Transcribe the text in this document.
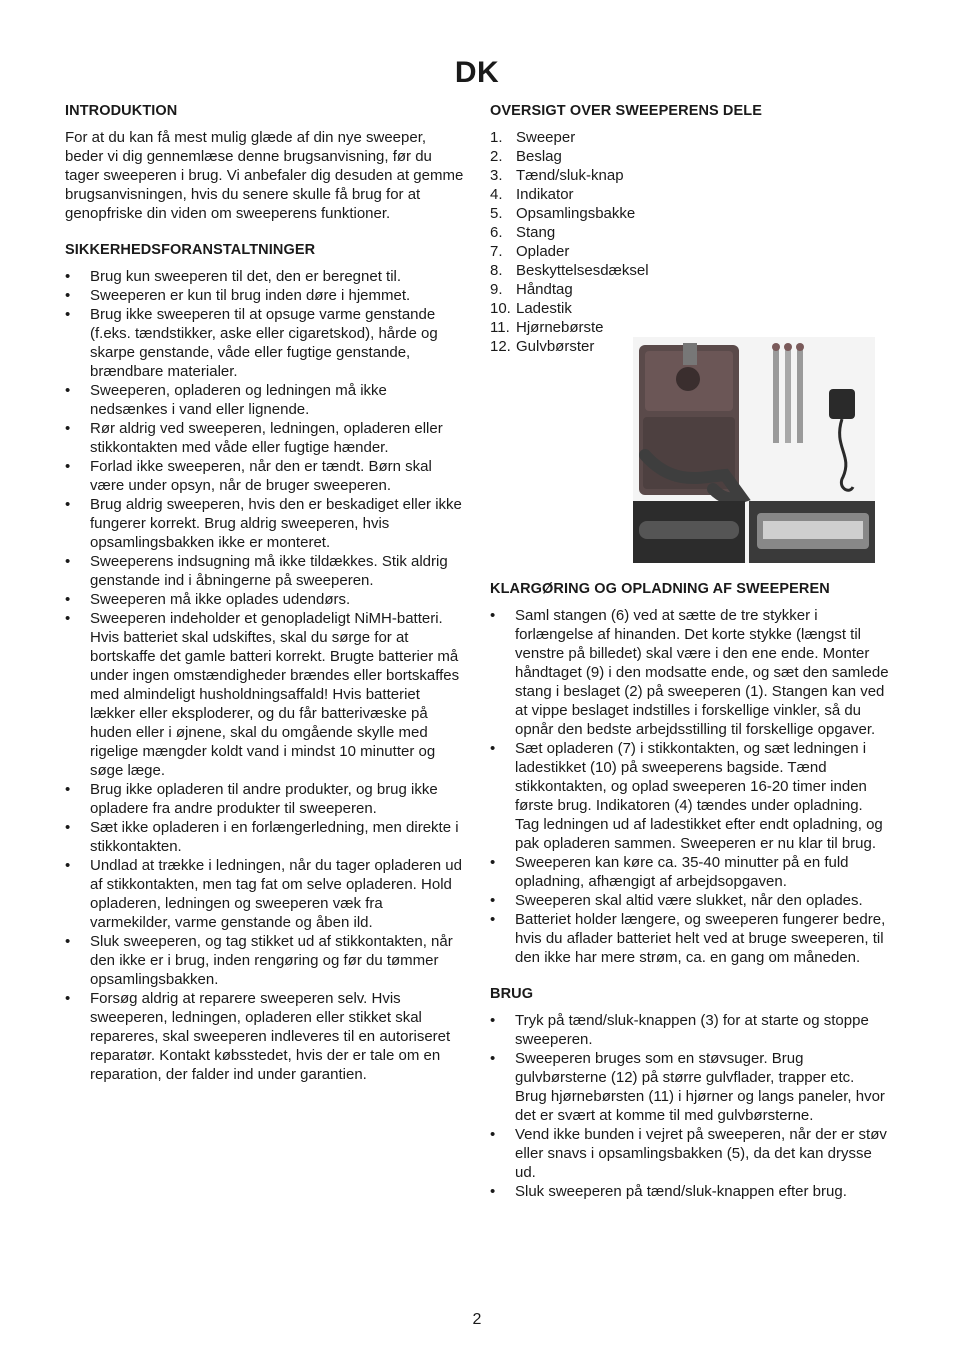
DK
INTRODUKTION

For at du kan få mest mulig glæde af din nye sweeper, beder vi dig gennemlæse denne brugsanvisning, før du tager sweeperen i brug. Vi anbefaler dig desuden at gemme brugsanvisningen, hvis du senere skulle få brug for at genopfriske din viden om sweeperens funktioner.

SIKKERHEDSFORANSTALTNINGER
• Brug kun sweeperen til det, den er beregnet til.
• Sweeperen er kun til brug inden døre i hjemmet.
• Brug ikke sweeperen til at opsuge varme genstande (f.eks. tændstikker, aske eller cigaretskod), hårde og skarpe genstande, våde eller fugtige genstande, brændbare materialer.
• Sweeperen, opladeren og ledningen må ikke nedsænkes i vand eller lignende.
• Rør aldrig ved sweeperen, ledningen, opladeren eller stikkontakten med våde eller fugtige hænder.
• Forlad ikke sweeperen, når den er tændt. Børn skal være under opsyn, når de bruger sweeperen.
• Brug aldrig sweeperen, hvis den er beskadiget eller ikke fungerer korrekt. Brug aldrig sweeperen, hvis opsamlingsbakken ikke er monteret.
• Sweeperens indsugning må ikke tildækkes. Stik aldrig genstande ind i åbningerne på sweeperen.
• Sweeperen må ikke oplades udendørs.
• Sweeperen indeholder et genopladeligt NiMH-batteri. Hvis batteriet skal udskiftes, skal du sørge for at bortskaffe det gamle batteri korrekt. Brugte batterier må under ingen omstændigheder brændes eller bortskaffes med almindeligt husholdningsaffald! Hvis batteriet lækker eller eksploderer, og du får batterivæske på huden eller i øjnene, skal du omgående skylle med rigelige mængder koldt vand i mindst 10 minutter og søge læge.
• Brug ikke opladeren til andre produkter, og brug ikke opladere fra andre produkter til sweeperen.
• Sæt ikke opladeren i en forlængerledning, men direkte i stikkontakten.
• Undlad at trække i ledningen, når du tager opladeren ud af stikkontakten, men tag fat om selve opladeren. Hold opladeren, ledningen og sweeperen væk fra varmekilder, varme genstande og åben ild.
• Sluk sweeperen, og tag stikket ud af stikkontakten, når den ikke er i brug, inden rengøring og før du tømmer opsamlingsbakken.
• Forsøg aldrig at reparere sweeperen selv. Hvis sweeperen, ledningen, opladeren eller stikket skal repareres, skal sweeperen indleveres til en autoriseret reparatør. Kontakt købsstedet, hvis der er tale om en reparation, der falder ind under garantien.
OVERSIGT OVER SWEEPERENS DELE
1. Sweeper
2. Beslag
3. Tænd/sluk-knap
4. Indikator
5. Opsamlingsbakke
6. Stang
7. Oplader
8. Beskyttelsesdæksel
9. Håndtag
10. Ladestik
11. Hjørnebørste
12. Gulvbørster
KLARGØRING OG OPLADNING AF SWEEPEREN
• Saml stangen (6) ved at sætte de tre stykker i forlængelse af hinanden. Det korte stykke (længst til venstre på billedet) skal være i den ene ende. Monter håndtaget (9) i den modsatte ende, og sæt den samlede stang i beslaget (2) på sweeperen (1). Stangen kan ved at vippe beslaget indstilles i forskellige vinkler, så du opnår den bedste arbejdsstilling til forskellige opgaver.
• Sæt opladeren (7) i stikkontakten, og sæt ledningen i ladestikket (10) på sweeperens bagside. Tænd stikkontakten, og oplad sweeperen 16-20 timer inden første brug. Indikatoren (4) tændes under opladning. Tag ledningen ud af ladestikket efter endt opladning, og pak opladeren sammen. Sweeperen er nu klar til brug.
• Sweeperen kan køre ca. 35-40 minutter på en fuld opladning, afhængigt af arbejdsopgaven.
• Sweeperen skal altid være slukket, når den oplades.
• Batteriet holder længere, og sweeperen fungerer bedre, hvis du aflader batteriet helt ved at bruge sweeperen, til den ikke har mere strøm, ca. en gang om måneden.
BRUG
• Tryk på tænd/sluk-knappen (3) for at starte og stoppe sweeperen.
• Sweeperen bruges som en støvsuger. Brug gulvbørsterne (12) på større gulvflader, trapper etc. Brug hjørnebørsten (11) i hjørner og langs paneler, hvor det er svært at komme til med gulvbørsterne.
• Vend ikke bunden i vejret på sweeperen, når der er støv eller snavs i opsamlingsbakken (5), da det kan drysse ud.
• Sluk sweeperen på tænd/sluk-knappen efter brug.
2
